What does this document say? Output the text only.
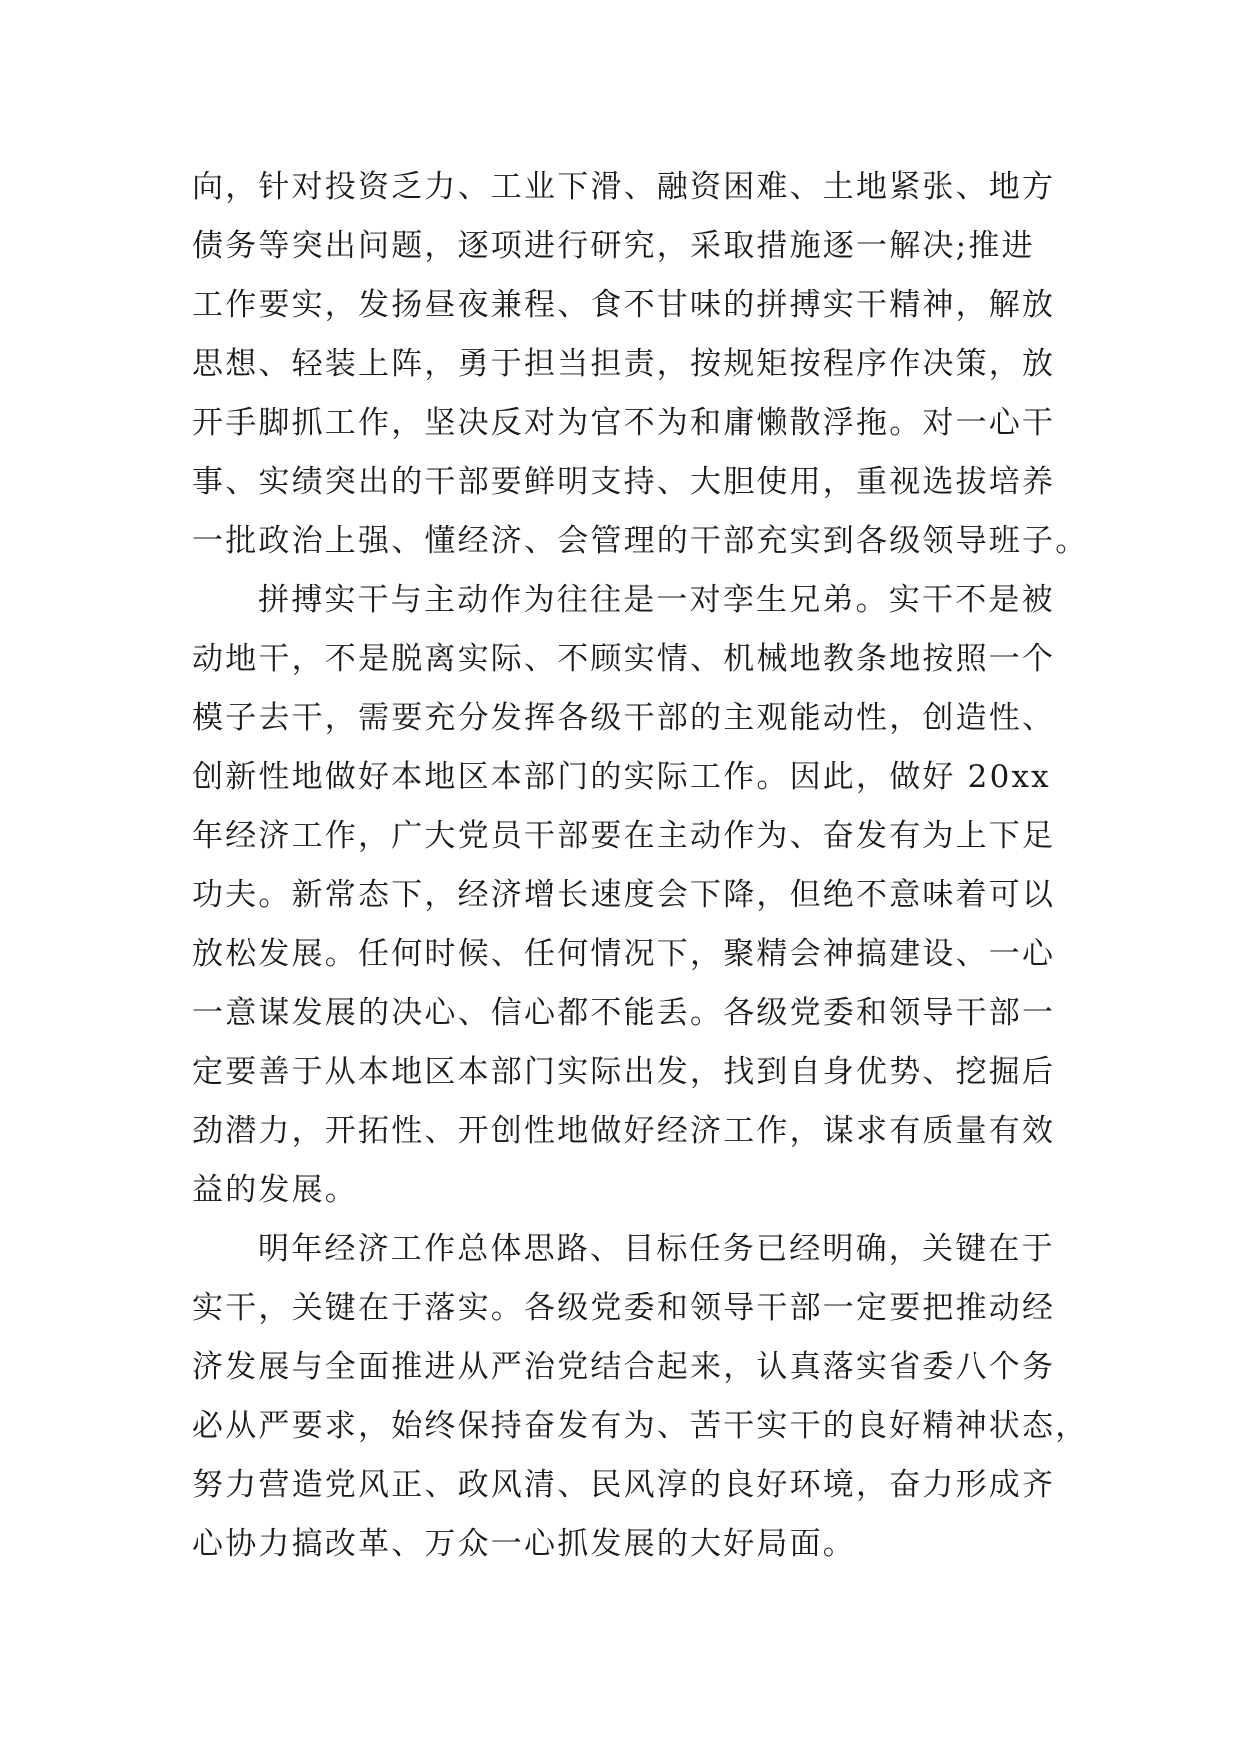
向，针对投资乏力、工业下滑、融资困难、土地紧张、地方
债务等突出问题，逐项进行研究，采取措施逐一解决;推进
工作要实，发扬昼夜兼程、食不甘味的拼搏实干精神，解放
思想、轻装上阵，勇于担当担责，按规矩按程序作决策，放
开手脚抓工作，坚决反对为官不为和庸懒散浮拖。对一心干
事、实绩突出的干部要鲜明支持、大胆使用，重视选拔培养
一批政治上强、懂经济、会管理的干部充实到各级领导班子。
拼搏实干与主动作为往往是一对孪生兄弟。实干不是被
动地干，不是脱离实际、不顾实情、机械地教条地按照一个
模子去干，需要充分发挥各级干部的主观能动性，创造性、
创新性地做好本地区本部门的实际工作。因此，做好 20xx
年经济工作，广大党员干部要在主动作为、奋发有为上下足
功夫。新常态下，经济增长速度会下降，但绝不意味着可以
放松发展。任何时候、任何情况下，聚精会神搞建设、一心
一意谋发展的决心、信心都不能丢。各级党委和领导干部一
定要善于从本地区本部门实际出发，找到自身优势、挖掘后
劲潜力，开拓性、开创性地做好经济工作，谋求有质量有效
益的发展。
明年经济工作总体思路、目标任务已经明确，关键在于
实干，关键在于落实。各级党委和领导干部一定要把推动经
济发展与全面推进从严治党结合起来，认真落实省委八个务
必从严要求，始终保持奋发有为、苦干实干的良好精神状态，
努力营造党风正、政风清、民风淳的良好环境，奋力形成齐
心协力搞改革、万众一心抓发展的大好局面。
